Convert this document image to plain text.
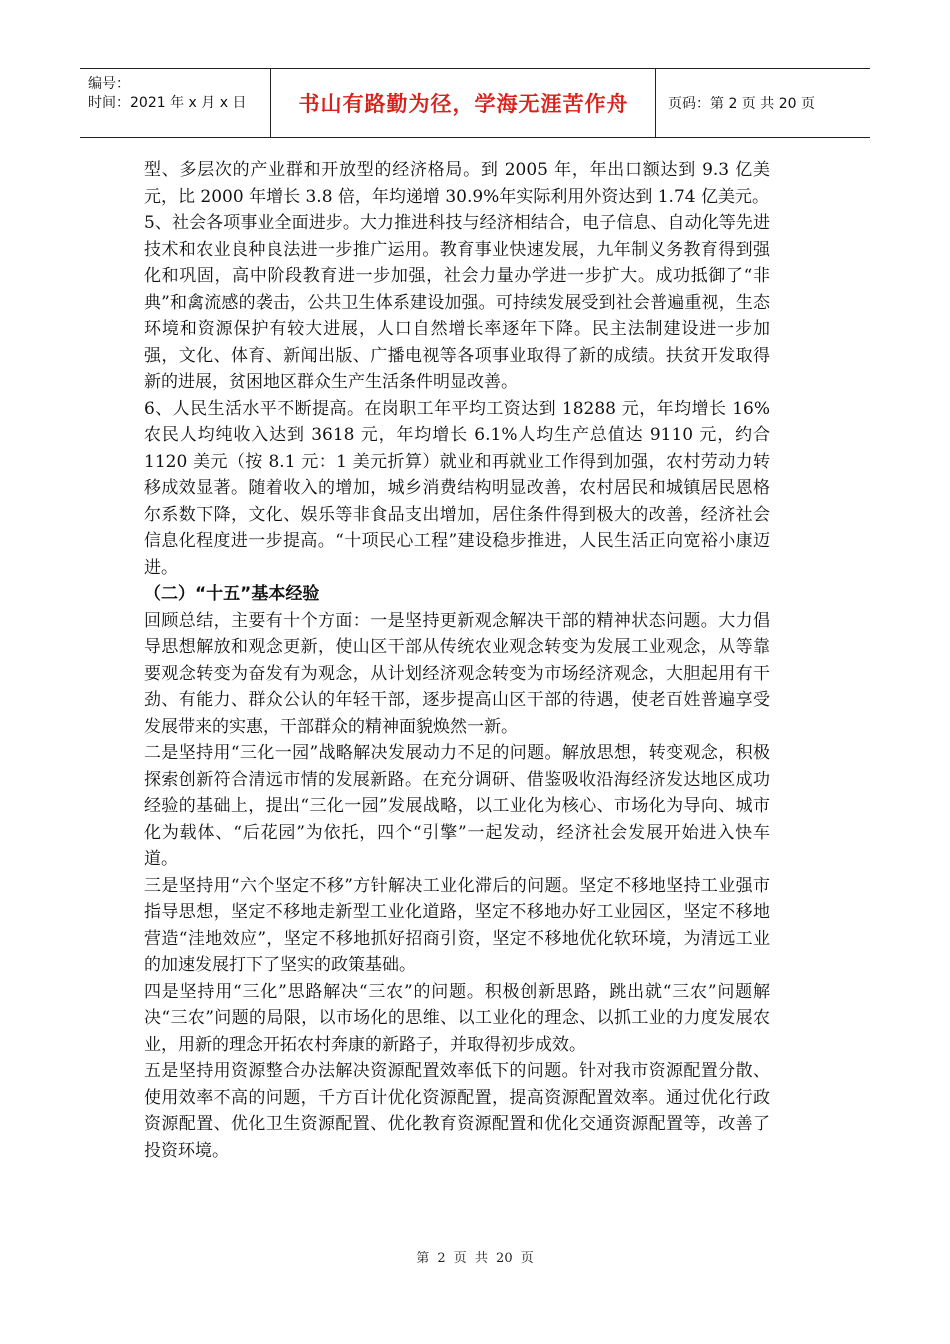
编号：
时间：2021 年 x 月 x 日	书山有路勤为径，学海无涯苦作舟	页码：第 2 页 共 20 页

型、多层次的产业群和开放型的经济格局。到 2005 年，年出口额达到 9.3 亿美元，比 2000 年增长 3.8 倍，年均递增 30.9%年实际利用外资达到 1.74 亿美元。

5、社会各项事业全面进步。大力推进科技与经济相结合，电子信息、自动化等先进技术和农业良种良法进一步推广运用。教育事业快速发展，九年制义务教育得到强化和巩固，高中阶段教育进一步加强，社会力量办学进一步扩大。成功抵御了“非典”和禽流感的袭击，公共卫生体系建设加强。可持续发展受到社会普遍重视，生态环境和资源保护有较大进展，人口自然增长率逐年下降。民主法制建设进一步加强，文化、体育、新闻出版、广播电视等各项事业取得了新的成绩。扶贫开发取得新的进展，贫困地区群众生产生活条件明显改善。

6、人民生活水平不断提高。在岗职工年平均工资达到 18288 元，年均增长 16%农民人均纯收入达到 3618 元，年均增长 6.1%人均生产总值达 9110 元，约合 1120 美元（按 8.1 元：1 美元折算）就业和再就业工作得到加强，农村劳动力转移成效显著。随着收入的增加，城乡消费结构明显改善，农村居民和城镇居民恩格尔系数下降，文化、娱乐等非食品支出增加，居住条件得到极大的改善，经济社会信息化程度进一步提高。“十项民心工程”建设稳步推进，人民生活正向宽裕小康迈进。

（二）“十五”基本经验

回顾总结，主要有十个方面：一是坚持更新观念解决干部的精神状态问题。大力倡导思想解放和观念更新，使山区干部从传统农业观念转变为发展工业观念，从等靠要观念转变为奋发有为观念，从计划经济观念转变为市场经济观念，大胆起用有干劲、有能力、群众公认的年轻干部，逐步提高山区干部的待遇，使老百姓普遍享受发展带来的实惠，干部群众的精神面貌焕然一新。

二是坚持用“三化一园”战略解决发展动力不足的问题。解放思想，转变观念，积极探索创新符合清远市情的发展新路。在充分调研、借鉴吸收沿海经济发达地区成功经验的基础上，提出“三化一园”发展战略，以工业化为核心、市场化为导向、城市化为载体、“后花园”为依托，四个“引擎”一起发动，经济社会发展开始进入快车道。

三是坚持用“六个坚定不移”方针解决工业化滞后的问题。坚定不移地坚持工业强市指导思想，坚定不移地走新型工业化道路，坚定不移地办好工业园区，坚定不移地营造“洼地效应”，坚定不移地抓好招商引资，坚定不移地优化软环境，为清远工业的加速发展打下了坚实的政策基础。

四是坚持用“三化”思路解决“三农”的问题。积极创新思路，跳出就“三农”问题解决“三农”问题的局限，以市场化的思维、以工业化的理念、以抓工业的力度发展农业，用新的理念开拓农村奔康的新路子，并取得初步成效。

五是坚持用资源整合办法解决资源配置效率低下的问题。针对我市资源配置分散、使用效率不高的问题，千方百计优化资源配置，提高资源配置效率。通过优化行政资源配置、优化卫生资源配置、优化教育资源配置和优化交通资源配置等，改善了投资环境。

第 2 页 共 20 页
